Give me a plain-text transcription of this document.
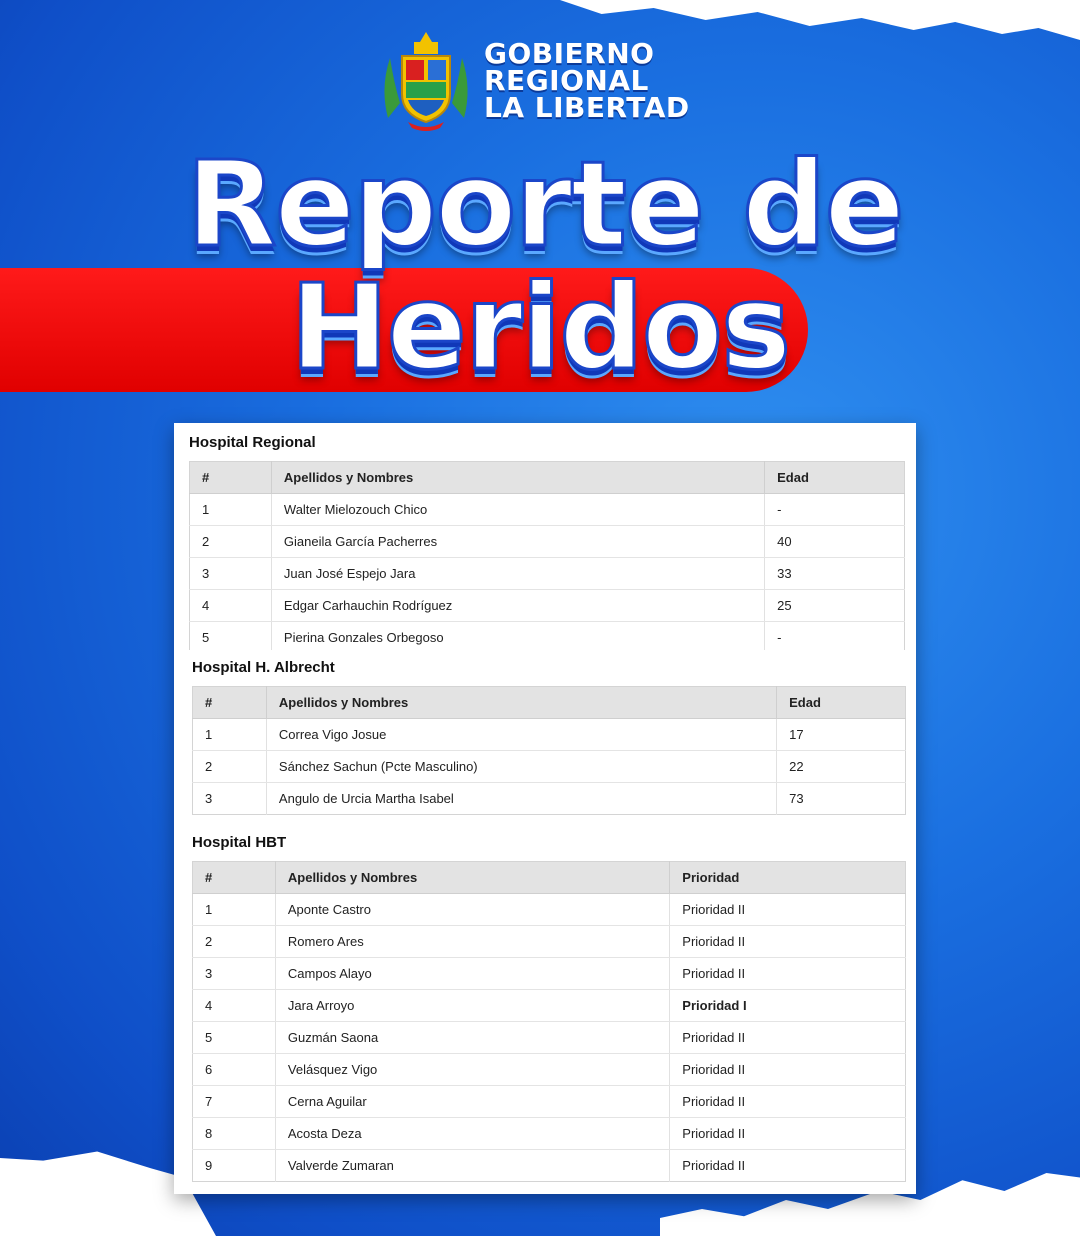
GOBIERNO
REGIONAL
LA LIBERTAD
Reporte de
Heridos
Hospital Regional
#	Apellidos y Nombres	Edad
1	Walter Mielozouch Chico	-
2	Gianeila García Pacherres	40
3	Juan José Espejo Jara	33
4	Edgar Carhauchin Rodríguez	25
5	Pierina Gonzales Orbegoso	-
Hospital H. Albrecht
#	Apellidos y Nombres	Edad
1	Correa Vigo Josue	17
2	Sánchez Sachun (Pcte Masculino)	22
3	Angulo de Urcia Martha Isabel	73
Hospital HBT
#	Apellidos y Nombres	Prioridad
1	Aponte Castro	Prioridad II
2	Romero Ares	Prioridad II
3	Campos Alayo	Prioridad II
4	Jara Arroyo	Prioridad I
5	Guzmán Saona	Prioridad II
6	Velásquez Vigo	Prioridad II
7	Cerna Aguilar	Prioridad II
8	Acosta Deza	Prioridad II
9	Valverde Zumaran	Prioridad II
